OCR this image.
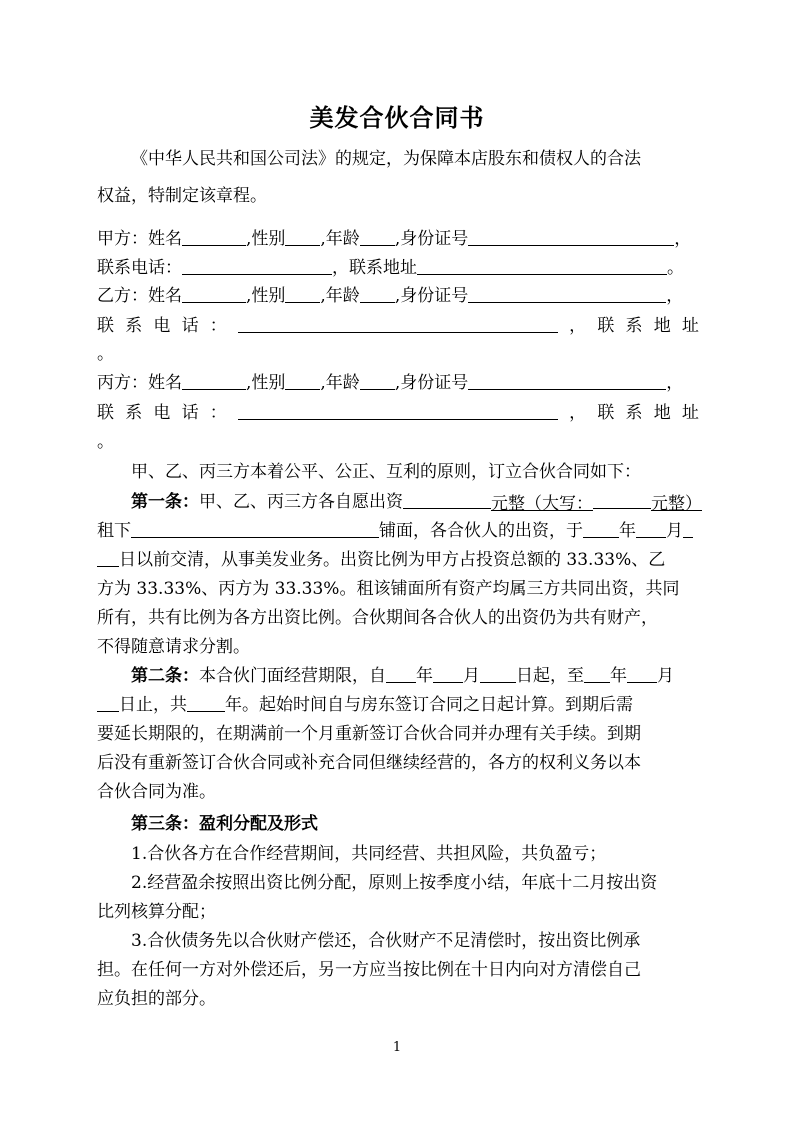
美发合伙合同书
《中华人民共和国公司法》的规定，为保障本店股东和债权人的合法
权益，特制定该章程。
甲方：姓名	,性别 ,年龄 ,身份证号	，
联系电话：	，联系地址	。
乙方：姓名	,性别 ,年龄 ,身份证号	，
联 系 电 话 ：	， 联 系 地 址
。
丙方：姓名	,性别 ,年龄 ,身份证号	，
联 系 电 话 ：	， 联 系 地 址
。
甲、乙、丙三方本着公平、公正、互利的原则，订立合伙合同如下：
第一条：甲、乙、丙三方各自愿出资	元整（大写：	元整）
租下	铺面，各合伙人的出资，于 年 月
日以前交清，从事美发业务。出资比例为甲方占投资总额的 33.33%、乙
方为 33.33%、丙方为 33.33%。租该铺面所有资产均属三方共同出资，共同
所有，共有比例为各方出资比例。合伙期间各合伙人的出资仍为共有财产，
不得随意请求分割。
第二条：本合伙门面经营期限，自 年 月 日起，至 年 月
日止，共 年。起始时间自与房东签订合同之日起计算。到期后需
要延长期限的，在期满前一个月重新签订合伙合同并办理有关手续。到期
后没有重新签订合伙合同或补充合同但继续经营的，各方的权利义务以本
合伙合同为准。
第三条：盈利分配及形式
1.合伙各方在合作经营期间，共同经营、共担风险，共负盈亏；
2.经营盈余按照出资比例分配，原则上按季度小结，年底十二月按出资
比列核算分配；
3.合伙债务先以合伙财产偿还，合伙财产不足清偿时，按出资比例承
担。在任何一方对外偿还后，另一方应当按比例在十日内向对方清偿自己
应负担的部分。
1
